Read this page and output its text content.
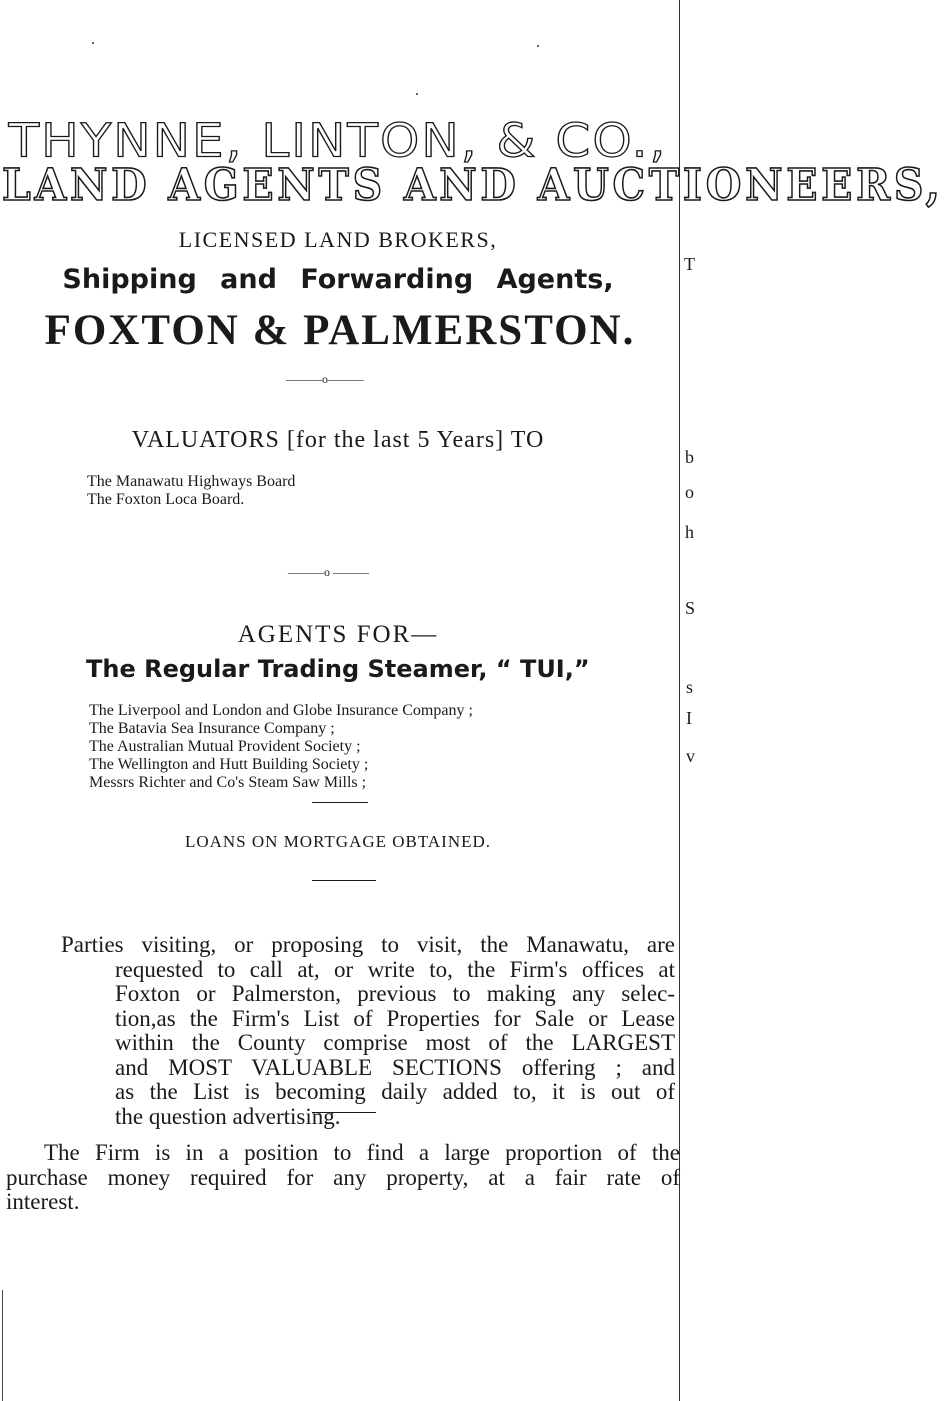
THYNNE, LINTON, & CO.,
LAND AGENTS AND AUCTIONEERS,
LICENSED LAND BROKERS,
Shipping and Forwarding Agents,
FOXTON & PALMERSTON.
———o———
VALUATORS [for the last 5 Years] TO
The Manawatu Highways Board
The Foxton Loca Board.
———o ———
AGENTS FOR—
The Regular Trading Steamer, “ TUI,”
The Liverpool and London and Globe Insurance Company ;
The Batavia Sea Insurance Company ;
The Australian Mutual Provident Society ;
The Wellington and Hutt Building Society ;
Messrs Richter and Co's Steam Saw Mills ;
LOANS ON MORTGAGE OBTAINED.
Parties visiting, or proposing to visit, the Manawatu, are
requested to call at, or write to, the Firm's offices at
Foxton or Palmerston, previous to making any selec-
tion,as the Firm's List of Properties for Sale or Lease
within the County comprise most of the LARGEST
and MOST VALUABLE SECTIONS offering ; and
as the List is becoming daily added to, it is out of
the question advertising.
The Firm is in a position to find a large proportion of the
purchase money required for any property, at a fair rate of
interest.
T
b
o
h
S
s
I
v
